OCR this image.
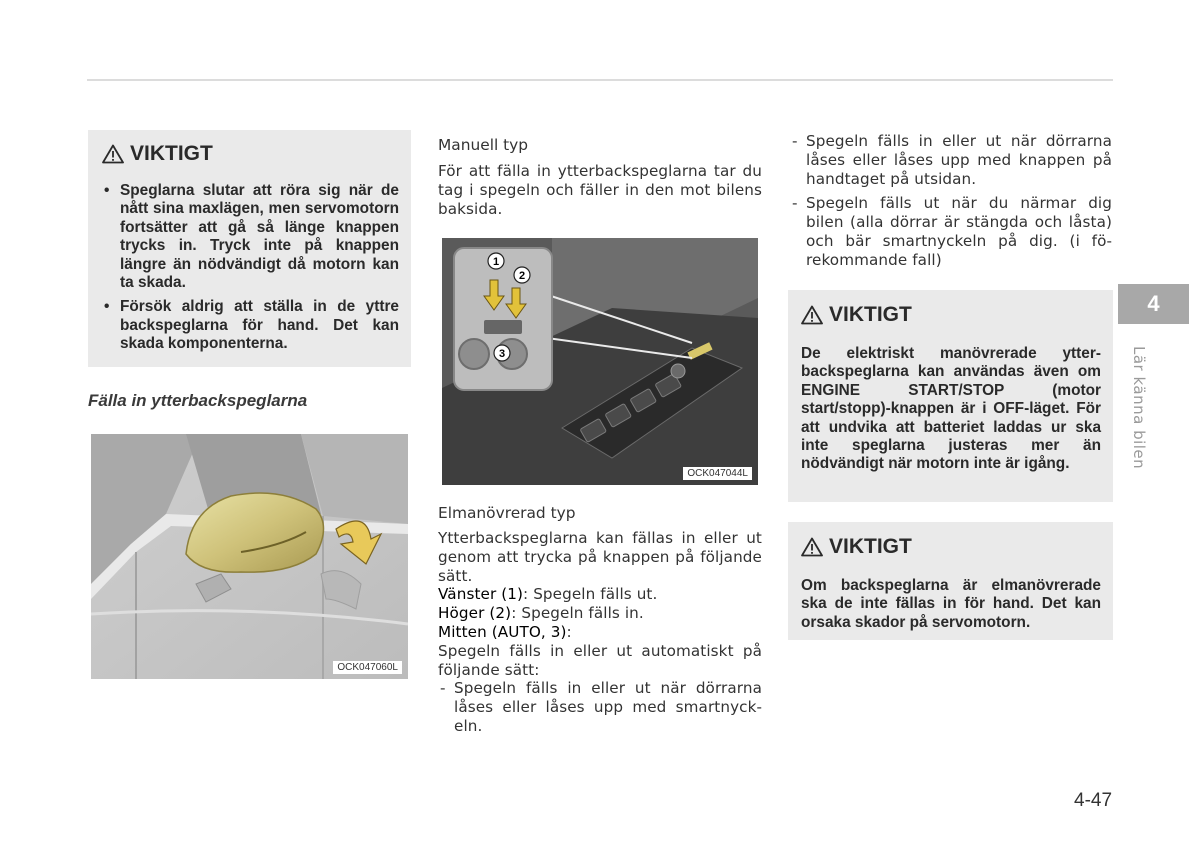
VIKTIGT
• Speglarna slutar att röra sig när de nått sina maxlägen, men servomotorn fortsätter att gå så länge knappen trycks in. Tryck inte på knappen längre än nödvändigt då motorn kan ta skada.
• Försök aldrig att ställa in de yttre backspeglarna för hand. Det kan skada komponenterna.
Fälla in ytterbackspeglarna
OCK047060L
Manuell typ
För att fälla in ytterbackspeglarna tar du tag i spegeln och fäller in den mot bilens baksida.
1
2
3
OCK047044L
Elmanövrerad typ
Ytterbackspeglarna kan fällas in eller ut genom att trycka på knappen på följande sätt.
Vänster (1): Spegeln fälls ut.
Höger (2): Spegeln fälls in.
Mitten (AUTO, 3):
Spegeln fälls in eller ut automatiskt på följande sätt:
- Spegeln fälls in eller ut när dörrarna låses eller låses upp med smartnyckeln.
- Spegeln fälls in eller ut när dörrarna låses eller låses upp med knappen på handtaget på utsidan.
- Spegeln fälls ut när du närmar dig bilen (alla dörrar är stängda och låsta) och bär smartnyckeln på dig. (i förekommande fall)
VIKTIGT
De elektriskt manövrerade ytterbackspeglarna kan användas även om ENGINE START/STOP (motor start/stopp)-knappen är i OFF-läget. För att undvika att batteriet laddas ur ska inte speglarna justeras mer än nödvändigt när motorn inte är igång.
VIKTIGT
Om backspeglarna är elmanövrerade ska de inte fällas in för hand. Det kan orsaka skador på servomotorn.
4
Lär känna bilen
4-47
